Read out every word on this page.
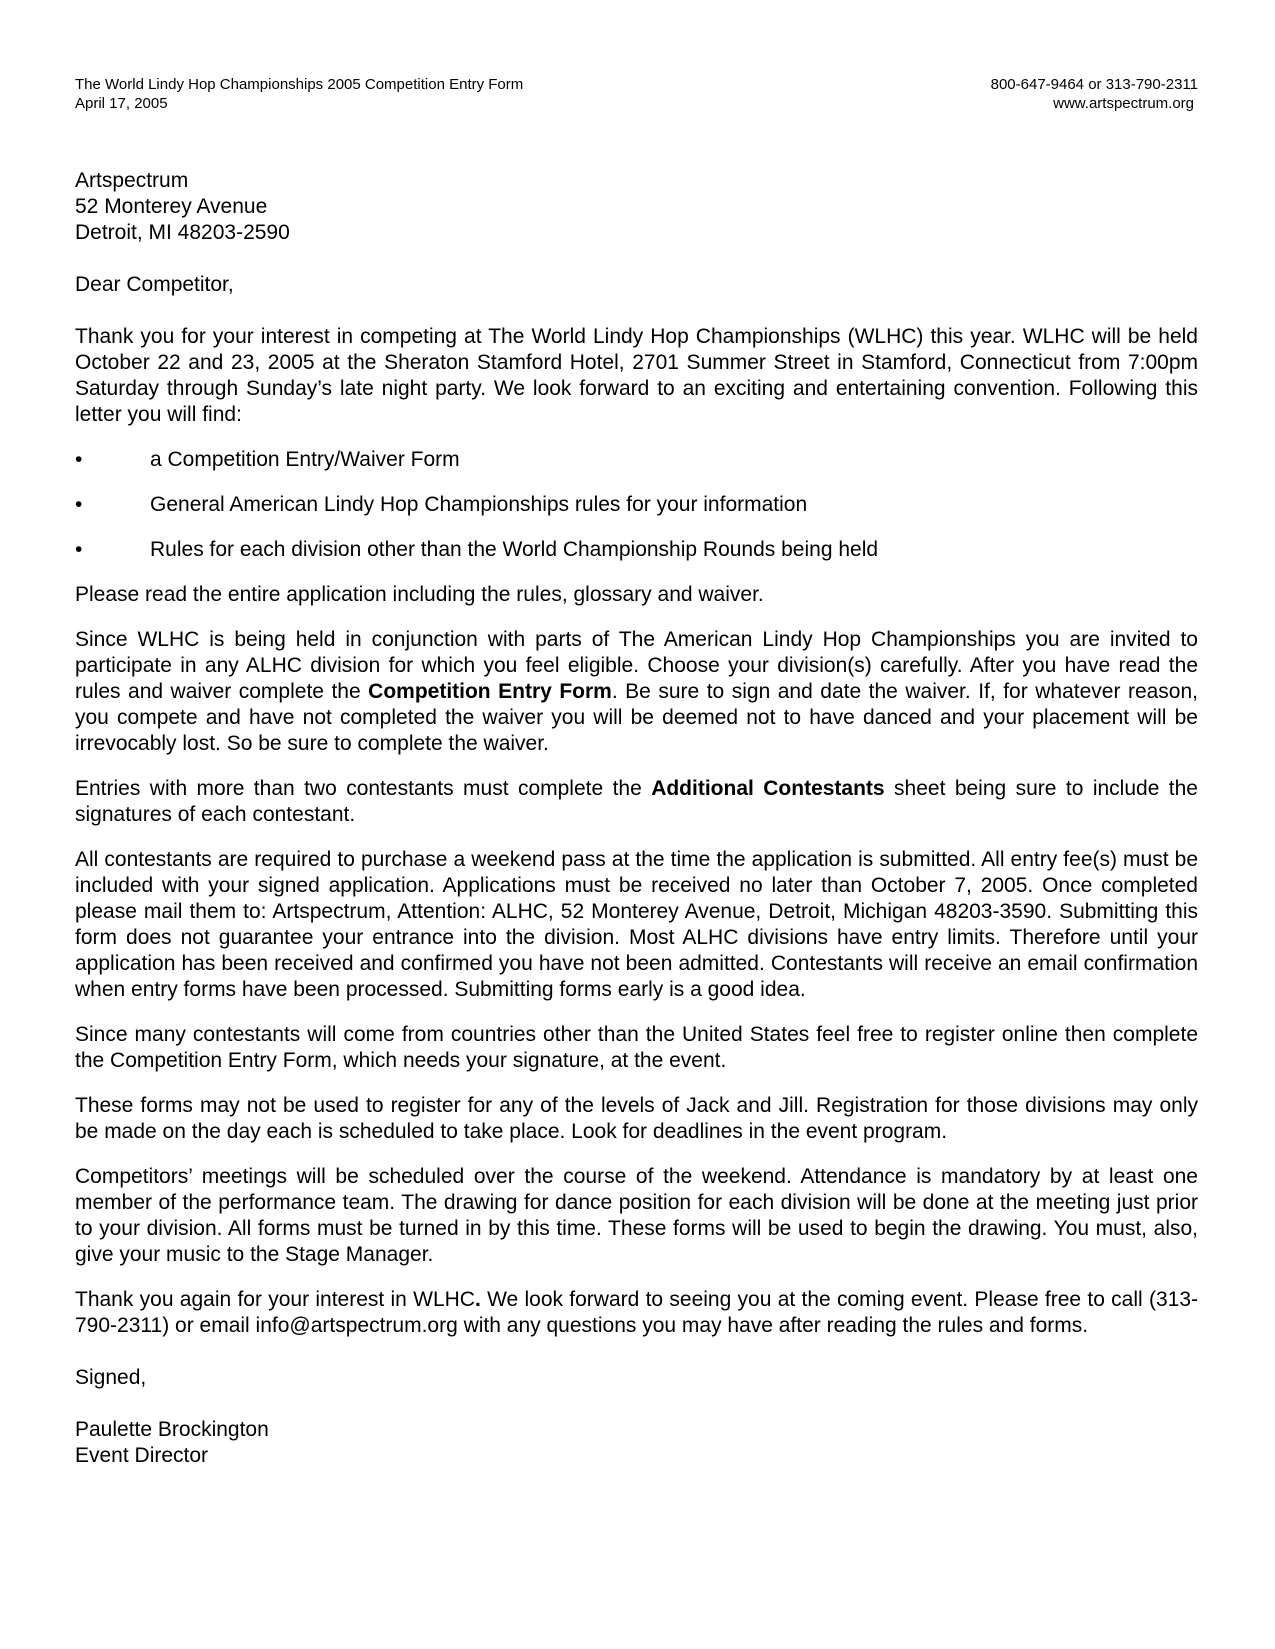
The World Lindy Hop Championships 2005 Competition Entry Form
April 17, 2005
800-647-9464 or 313-790-2311
www.artspectrum.org
Artspectrum
52 Monterey Avenue
Detroit, MI 48203-2590
Dear Competitor,

Thank you for your interest in competing at The World Lindy Hop Championships (WLHC) this year. WLHC will be held October 22 and 23, 2005 at the Sheraton Stamford Hotel, 2701 Summer Street in Stamford, Connecticut from 7:00pm Saturday through Sunday’s late night party. We look forward to an exciting and entertaining convention. Following this letter you will find:

•	a Competition Entry/Waiver Form
•	General American Lindy Hop Championships rules for your information
•	Rules for each division other than the World Championship Rounds being held

Please read the entire application including the rules, glossary and waiver.

Since WLHC is being held in conjunction with parts of The American Lindy Hop Championships you are invited to participate in any ALHC division for which you feel eligible. Choose your division(s) carefully. After you have read the rules and waiver complete the Competition Entry Form. Be sure to sign and date the waiver. If, for whatever reason, you compete and have not completed the waiver you will be deemed not to have danced and your placement will be irrevocably lost. So be sure to complete the waiver.

Entries with more than two contestants must complete the Additional Contestants sheet being sure to include the signatures of each contestant.

All contestants are required to purchase a weekend pass at the time the application is submitted. All entry fee(s) must be included with your signed application. Applications must be received no later than October 7, 2005. Once completed please mail them to: Artspectrum, Attention: ALHC, 52 Monterey Avenue, Detroit, Michigan 48203-3590. Submitting this form does not guarantee your entrance into the division. Most ALHC divisions have entry limits. Therefore until your application has been received and confirmed you have not been admitted. Contestants will receive an email confirmation when entry forms have been processed. Submitting forms early is a good idea.

Since many contestants will come from countries other than the United States feel free to register online then complete the Competition Entry Form, which needs your signature, at the event.

These forms may not be used to register for any of the levels of Jack and Jill. Registration for those divisions may only be made on the day each is scheduled to take place. Look for deadlines in the event program.

Competitors’ meetings will be scheduled over the course of the weekend. Attendance is mandatory by at least one member of the performance team. The drawing for dance position for each division will be done at the meeting just prior to your division. All forms must be turned in by this time. These forms will be used to begin the drawing. You must, also, give your music to the Stage Manager.

Thank you again for your interest in WLHC. We look forward to seeing you at the coming event. Please free to call (313-790-2311) or email info@artspectrum.org with any questions you may have after reading the rules and forms.

Signed,
Paulette Brockington
Event Director
